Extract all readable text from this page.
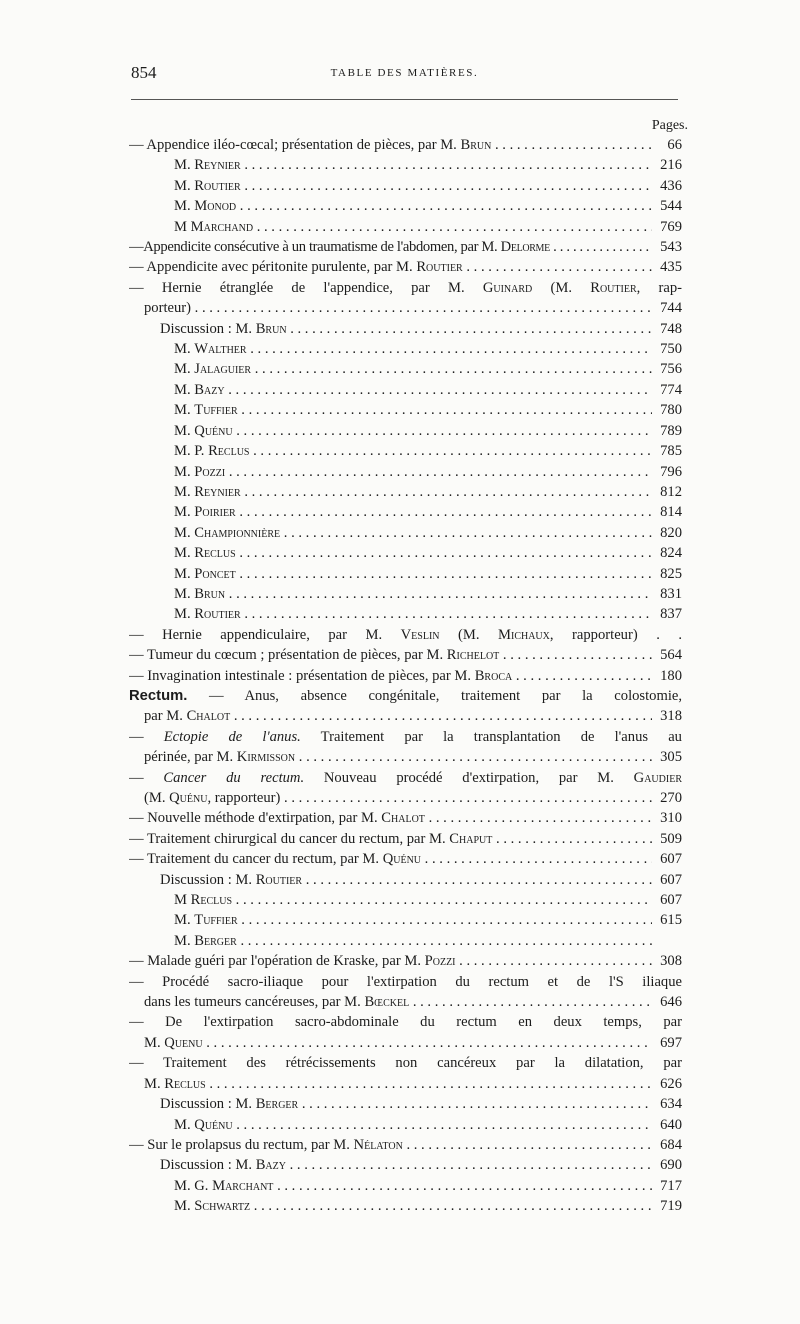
854	TABLE DES MATIÈRES.
Pages.
— Appendice iléo-cœcal; présentation de pièces, par M. Brun . . .	66
M. Reynier . . .	216
M. Routier . . .	436
M. Monod . . .	544
M Marchand . . .	769
—Appendicite consécutive à un traumatisme de l'abdomen, par M. Delorme . . .	543
— Appendicite avec péritonite purulente, par M. Routier . . .	435
— Hernie étranglée de l'appendice, par M. Guinard (M. Routier, rap-
porteur) . . .	744
Discussion : M. Brun . . .	748
M. Walther . . .	750
M. Jalaguier . . .	756
M. Bazy . . .	774
M. Tuffier . . .	780
M. Quénu . . .	789
M. P. Reclus . . .	785
M. Pozzi . . .	796
M. Reynier . . .	812
M. Poirier . . .	814
M. Championnière . . .	820
M. Reclus . . .	824
M. Poncet . . .	825
M. Brun . . .	831
M. Routier . . .	837
— Hernie appendiculaire, par M. Veslin (M. Michaux, rapporteur) . .
— Tumeur du cœcum ; présentation de pièces, par M. Richelot . . .	564
— Invagination intestinale : présentation de pièces, par M. Broca . . .	180
Rectum. — Anus, absence congénitale, traitement par la colostomie,
par M. Chalot . . .	318
— Ectopie de l'anus. Traitement par la transplantation de l'anus au
périnée, par M. Kirmisson . . .	305
— Cancer du rectum. Nouveau procédé d'extirpation, par M. Gaudier
(M. Quénu, rapporteur) . . .	270
— Nouvelle méthode d'extirpation, par M. Chalot . . .	310
— Traitement chirurgical du cancer du rectum, par M. Chaput . . .	509
— Traitement du cancer du rectum, par M. Quénu . . .	607
Discussion : M. Routier . . .	607
M Reclus . . .	607
M. Tuffier . . .	615
M. Berger . . .
— Malade guéri par l'opération de Kraske, par M. Pozzi . . .	308
— Procédé sacro-iliaque pour l'extirpation du rectum et de l'S iliaque
dans les tumeurs cancéreuses, par M. Bœckel . . .	646
— De l'extirpation sacro-abdominale du rectum en deux temps, par
M. Quenu . . .	697
— Traitement des rétrécissements non cancéreux par la dilatation, par
M. Reclus . . .	626
Discussion : M. Berger . . .	634
M. Quénu . . .	640
— Sur le prolapsus du rectum, par M. Nélaton . . .	684
Discussion : M. Bazy . . .	690
M. G. Marchant . . .	717
M. Schwartz . . .	719
